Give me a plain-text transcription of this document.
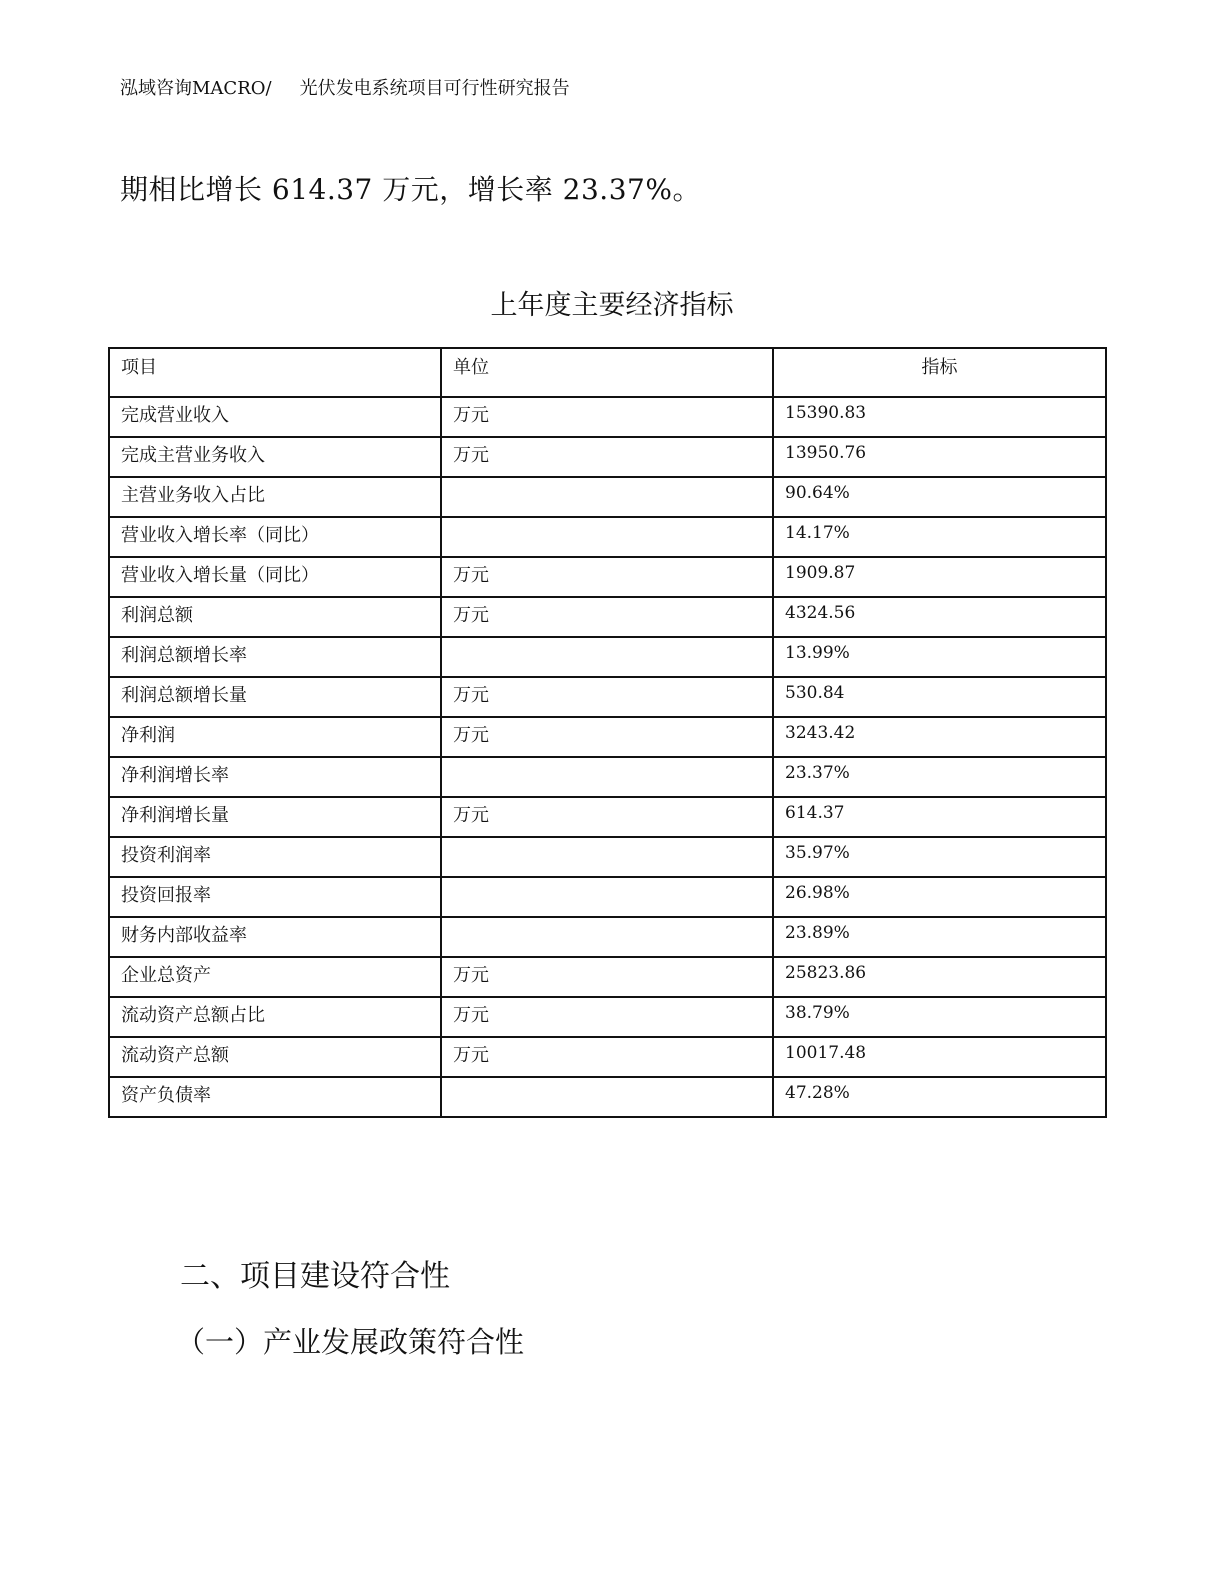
泓域咨询MACRO/ 光伏发电系统项目可行性研究报告
期相比增长 614.37 万元，增长率 23.37%。
上年度主要经济指标
项目	单位	指标
完成营业收入	万元	15390.83
完成主营业务收入	万元	13950.76
主营业务收入占比		90.64%
营业收入增长率（同比）		14.17%
营业收入增长量（同比）	万元	1909.87
利润总额	万元	4324.56
利润总额增长率		13.99%
利润总额增长量	万元	530.84
净利润	万元	3243.42
净利润增长率		23.37%
净利润增长量	万元	614.37
投资利润率		35.97%
投资回报率		26.98%
财务内部收益率		23.89%
企业总资产	万元	25823.86
流动资产总额占比	万元	38.79%
流动资产总额	万元	10017.48
资产负债率		47.28%
二、项目建设符合性
（一）产业发展政策符合性
